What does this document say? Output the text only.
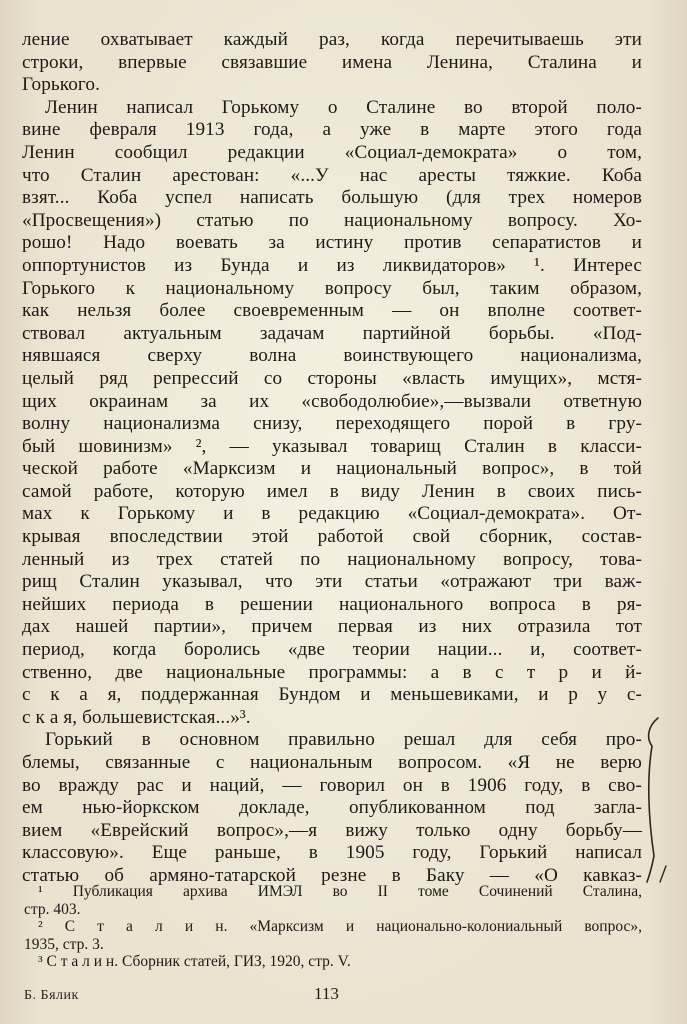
ление охватывает каждый раз, когда перечитываешь эти
строки, впервые связавшие имена Ленина, Сталина и
Горького.
Ленин написал Горькому о Сталине во второй поло-
вине февраля 1913 года, а уже в марте этого года
Ленин сообщил редакции «Социал-демократа» о том,
что Сталин арестован: «...У нас аресты тяжкие. Коба
взят... Коба успел написать большую (для трех номеров
«Просвещения») статью по национальному вопросу. Хо-
рошо! Надо воевать за истину против сепаратистов и
оппортунистов из Бунда и из ликвидаторов» ¹. Интерес
Горького к национальному вопросу был, таким образом,
как нельзя более своевременным — он вполне соответ-
ствовал актуальным задачам партийной борьбы. «Под-
нявшаяся сверху волна воинствующего национализма,
целый ряд репрессий со стороны «власть имущих», мстя-
щих окраинам за их «свободолюбие»,—вызвали ответную
волну национализма снизу, переходящего порой в гру-
бый шовинизм» ², — указывал товарищ Сталин в класси-
ческой работе «Марксизм и национальный вопрос», в той
самой работе, которую имел в виду Ленин в своих пись-
мах к Горькому и в редакцию «Социал-демократа». От-
крывая впоследствии этой работой свой сборник, состав-
ленный из трех статей по национальному вопросу, това-
рищ Сталин указывал, что эти статьи «отражают три важ-
нейших периода в решении национального вопроса в ря-
дах нашей партии», причем первая из них отразила тот
период, когда боролись «две теории нации... и, соответ-
ственно, две национальные программы: а в с т р и й-
с к а я, поддержанная Бундом и меньшевиками, и р у с-
с к а я, большевистская...»³.
Горький в основном правильно решал для себя про-
блемы, связанные с национальным вопросом. «Я не верю
во вражду рас и наций, — говорил он в 1906 году, в сво-
ем нью-йоркском докладе, опубликованном под загла-
вием «Еврейский вопрос»,—я вижу только одну борьбу—
классовую». Еще раньше, в 1905 году, Горький написал
статью об армяно-татарской резне в Баку — «О кавказ-
¹ Публикация архива ИМЭЛ во II томе Сочинений Сталина,
стр. 403.
² С т а л и н. «Марксизм и национально-колониальный вопрос»,
1935, стр. 3.
³ С т а л и н. Сборник статей, ГИЗ, 1920, стр. V.
Б. Бялик	113
